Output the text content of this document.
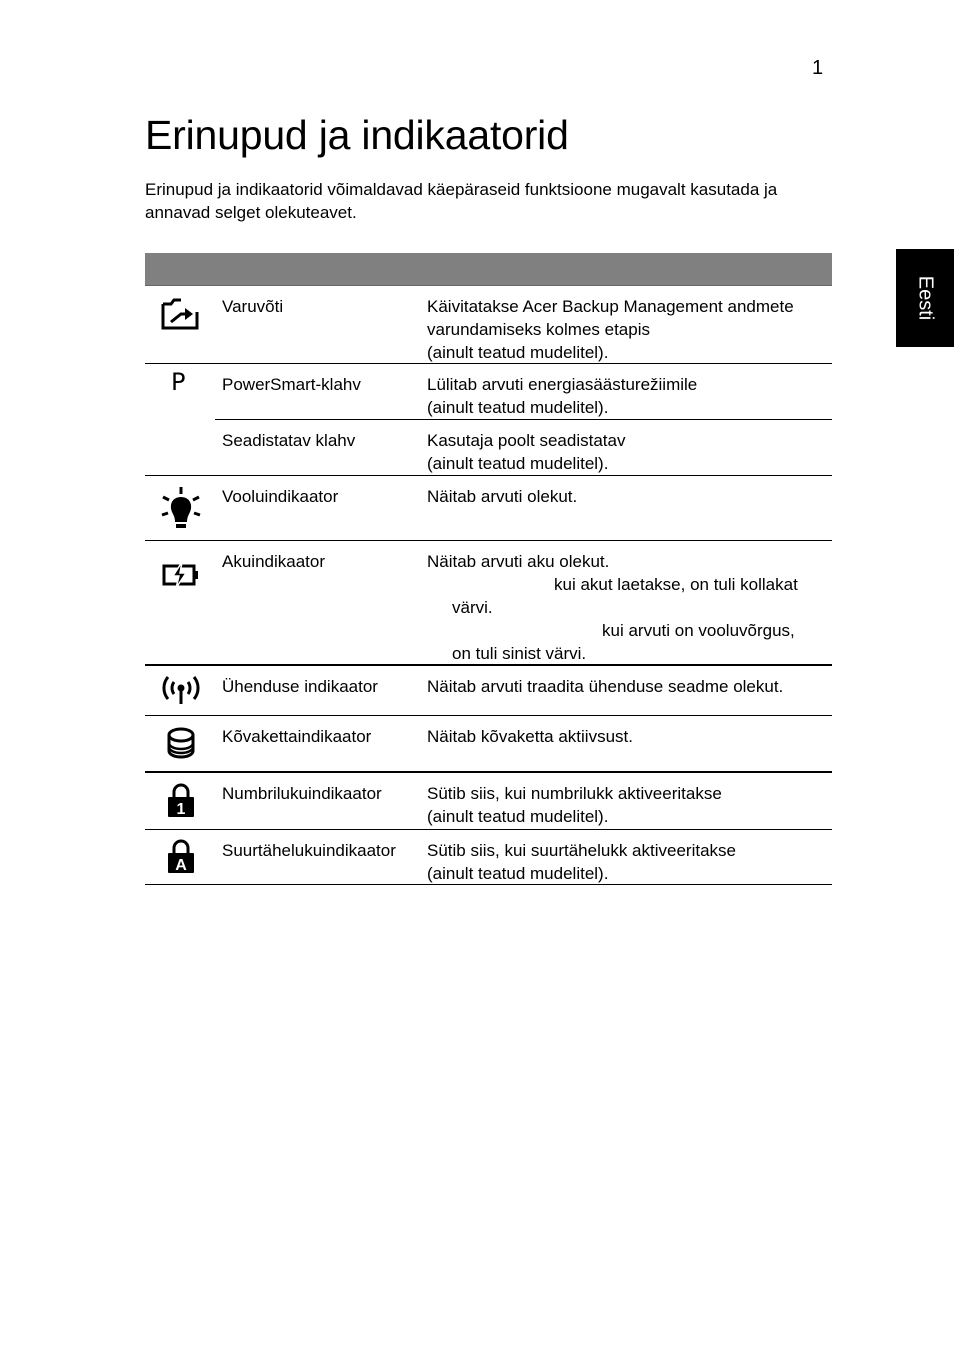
1
Erinupud ja indikaatorid

Erinupud ja indikaatorid võimaldavad käepäraseid funktsioone mugavalt kasutada ja annavad selget olekuteavet.

Eesti
Varuvõti	Käivitatakse Acer Backup Management andmete
varundamiseks kolmes etapis
(ainult teatud mudelitel).
P PowerSmart-klahv	Lülitab arvuti energiasäästurežiimile
(ainult teatud mudelitel).
Seadistatav klahv	Kasutaja poolt seadistatav
(ainult teatud mudelitel).
Vooluindikaator	Näitab arvuti olekut.
Akuindikaator	Näitab arvuti aku olekut.
kui akut laetakse, on tuli kollakat
värvi.
kui arvuti on vooluvõrgus,
on tuli sinist värvi.
Ühenduse indikaator	Näitab arvuti traadita ühenduse seadme olekut.
Kõvakettaindikaator	Näitab kõvaketta aktiivsust.
1
Numbrilukuindikaator	Sütib siis, kui numbrilukk aktiveeritakse
(ainult teatud mudelitel).
A
Suurtähelukuindikaator Sütib siis, kui suurtähelukk aktiveeritakse
(ainult teatud mudelitel).
